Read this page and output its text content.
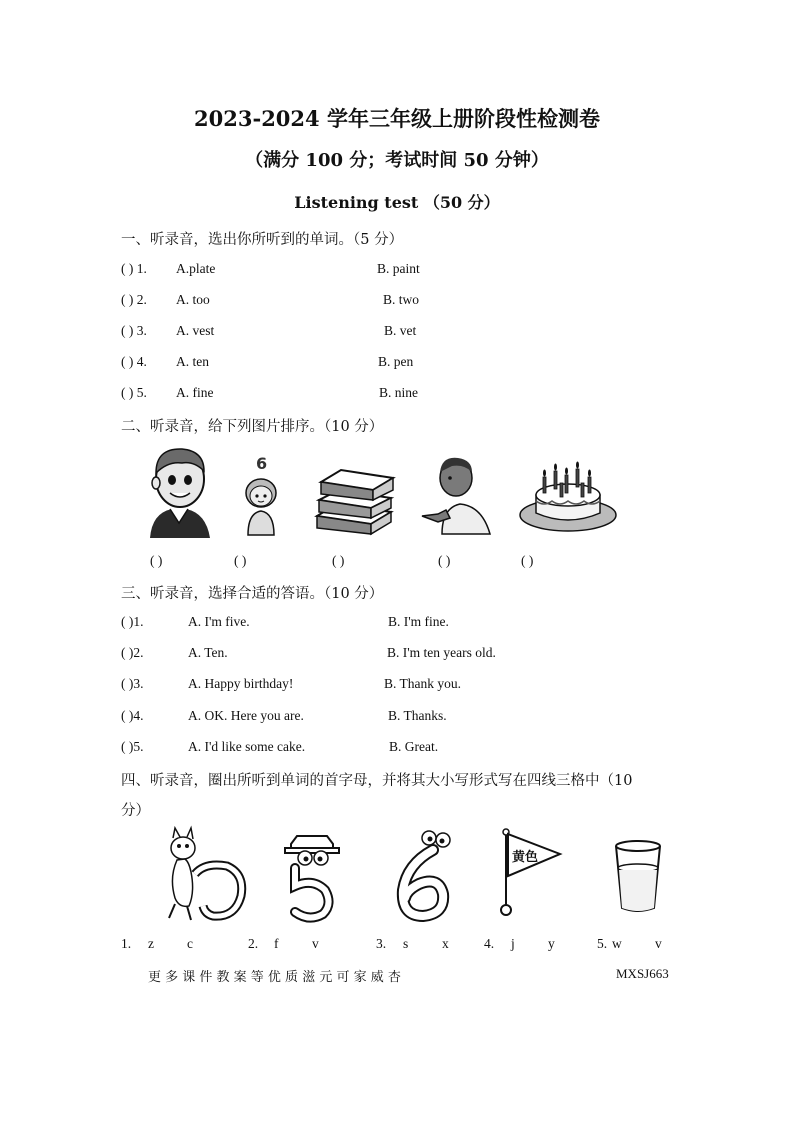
2023-2024 学年三年级上册阶段性检测卷
（满分 100 分；考试时间 50 分钟）
Listening test （50 分）
一、听录音，选出你所听到的单词。（5 分）
( ) 1. A.plate	B. paint
( ) 2. A. too	B. two
( ) 3. A. vest	B. vet
( ) 4. A. ten	B. pen
( ) 5. A. fine	B. nine
二、听录音，给下列图片排序。（10 分）
6
( )	( )	( )	( )	( )
三、听录音，选择合适的答语。（10 分）
( )1.	A. I'm five.	B. I'm fine.
( )2.	A. Ten.	B. I'm ten years old.
( )3.	A. Happy birthday!	B. Thank you.
( )4.	A. OK. Here you are.	B. Thanks.
( )5.	A. I'd like some cake.	B. Great.
四、听录音，圈出所听到单词的首字母，并将其大小写形式写在四线三格中（10
分）
黄色
1. z c	2. f v	3. s x	4. j y	5. w v
更 多 课 件 教 案 等 优 质 滋 元 可 家 威 杏	MXSJ663
